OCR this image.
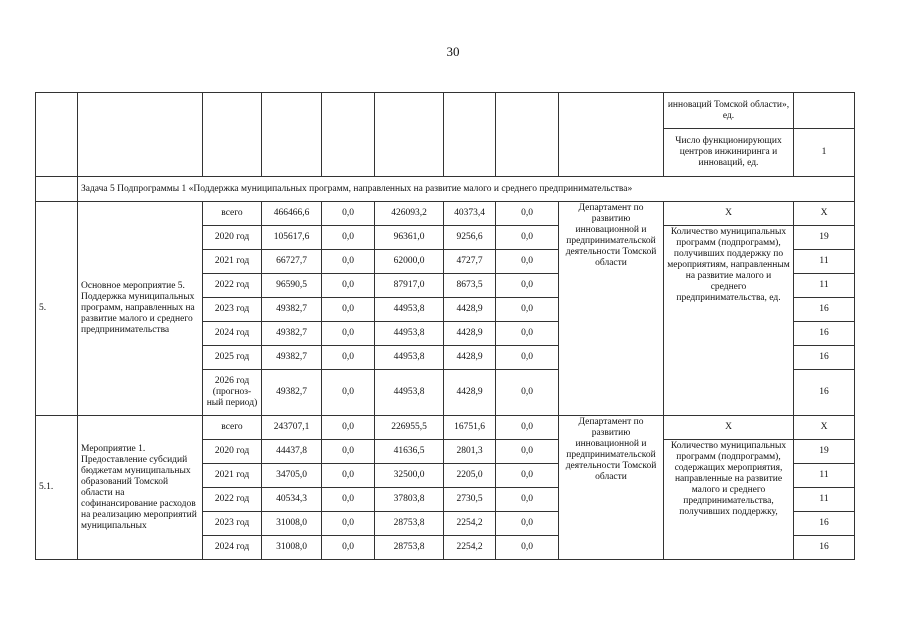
30
									инноваций Томской области», ед.	
									Число функционирующих центров инжиниринга и инноваций, ед.	1
	Задача 5 Подпрограммы 1 «Поддержка муниципальных программ, направленных на развитие малого и среднего предпринимательства»									
5.	Основное мероприятие 5. Поддержка муниципальных программ, направленных на развитие малого и среднего предпринимательства	всего	466466,6	0,0	426093,2	40373,4	0,0	Департамент по развитию инновационной и предпринимательской деятельности Томской области	Х	Х
		2020 год	105617,6	0,0	96361,0	9256,6	0,0		Количество муниципальных программ (подпрограмм), получивших поддержку по мероприятиям, направленным на развитие малого и среднего предпринимательства, ед.	19
		2021 год	66727,7	0,0	62000,0	4727,7	0,0			11
		2022 год	96590,5	0,0	87917,0	8673,5	0,0			11
		2023 год	49382,7	0,0	44953,8	4428,9	0,0			16
		2024 год	49382,7	0,0	44953,8	4428,9	0,0			16
		2025 год	49382,7	0,0	44953,8	4428,9	0,0			16
		2026 год (прогноз-ный период)	49382,7	0,0	44953,8	4428,9	0,0			16
5.1.	Мероприятие 1. Предоставление субсидий бюджетам муниципальных образований Томской области на софинансирование расходов на реализацию мероприятий муниципальных	всего	243707,1	0,0	226955,5	16751,6	0,0	Департамент по развитию инновационной и предпринимательской деятельности Томской области	Х	Х
		2020 год	44437,8	0,0	41636,5	2801,3	0,0		Количество муниципальных программ (подпрограмм), содержащих мероприятия, направленные на развитие малого и среднего предпринимательства, получивших поддержку,	19
		2021 год	34705,0	0,0	32500,0	2205,0	0,0			11
		2022 год	40534,3	0,0	37803,8	2730,5	0,0			11
		2023 год	31008,0	0,0	28753,8	2254,2	0,0			16
		2024 год	31008,0	0,0	28753,8	2254,2	0,0			16
